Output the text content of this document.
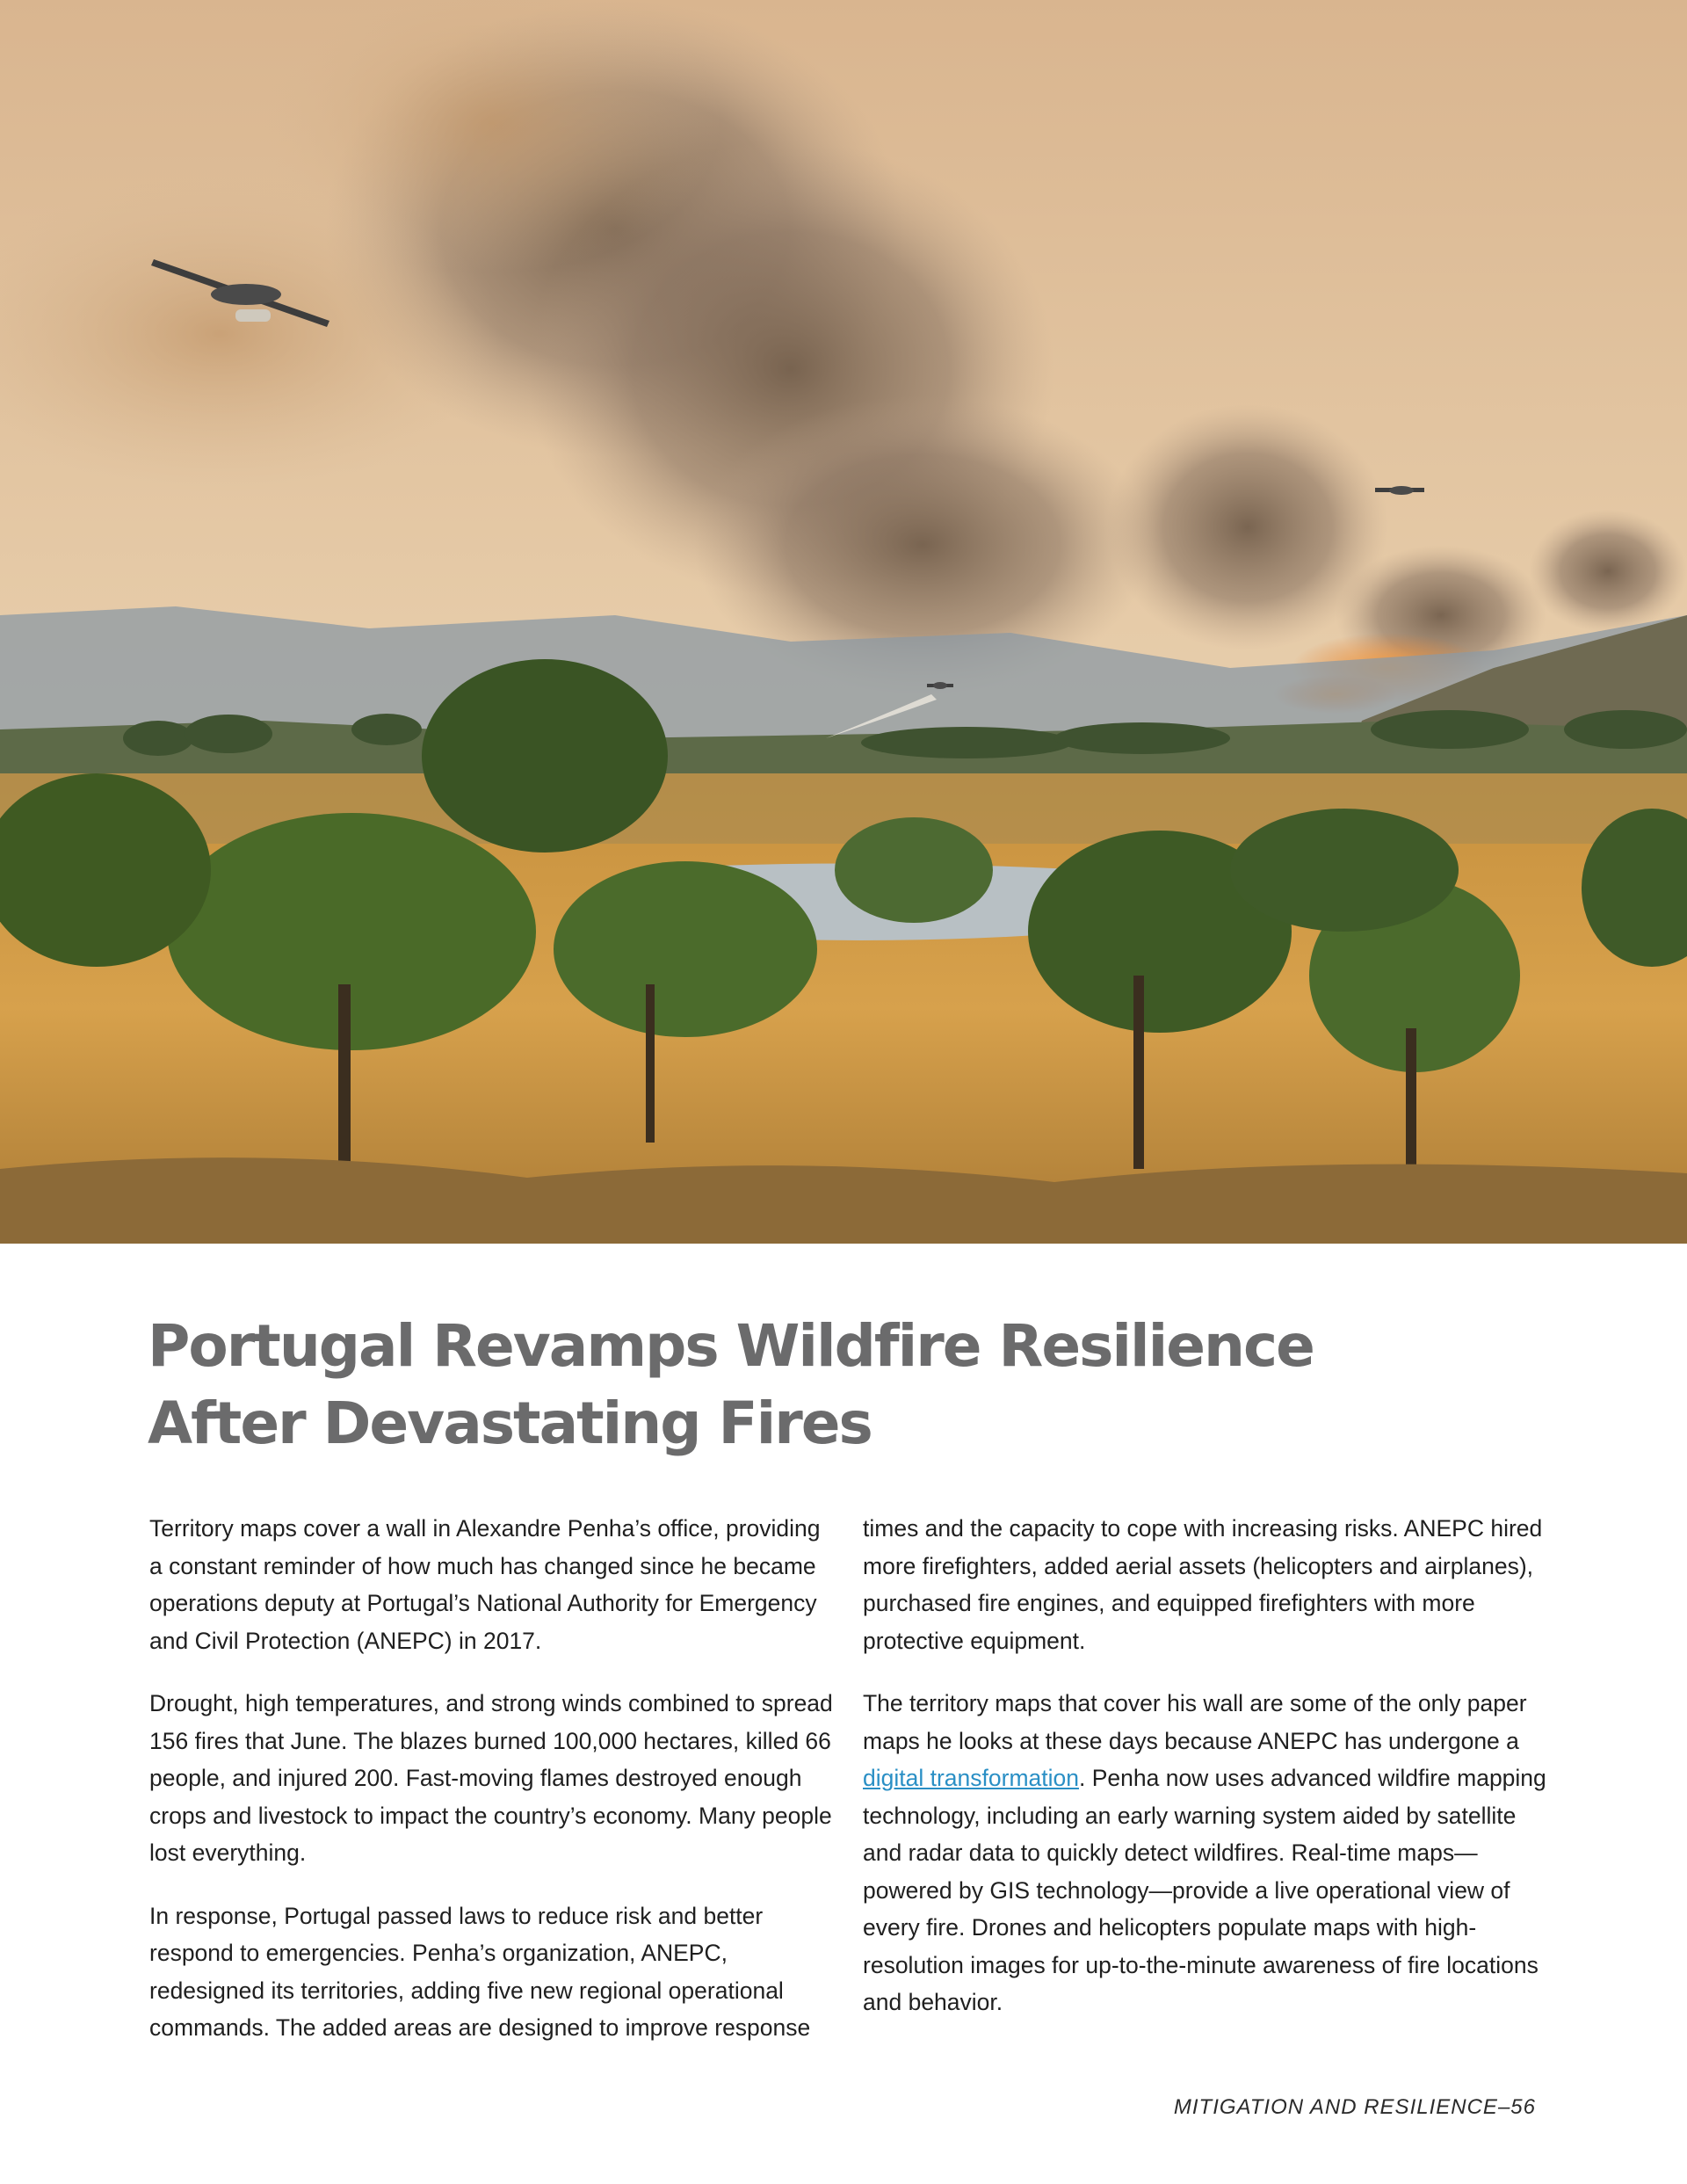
Portugal Revamps Wildfire Resilience
After Devastating Fires

Territory maps cover a wall in Alexandre Penha’s office, providing a constant reminder of how much has changed since he became operations deputy at Portugal’s National Authority for Emergency and Civil Protection (ANEPC) in 2017.

Drought, high temperatures, and strong winds combined to spread 156 fires that June. The blazes burned 100,000 hectares, killed 66 people, and injured 200. Fast-moving flames destroyed enough crops and livestock to impact the country’s economy. Many people lost everything.

In response, Portugal passed laws to reduce risk and better respond to emergencies. Penha’s organization, ANEPC, redesigned its territories, adding five new regional operational commands. The added areas are designed to improve response

times and the capacity to cope with increasing risks. ANEPC hired more firefighters, added aerial assets (helicopters and airplanes), purchased fire engines, and equipped firefighters with more protective equipment.

The territory maps that cover his wall are some of the only paper maps he looks at these days because ANEPC has undergone a digital transformation. Penha now uses advanced wildfire mapping technology, including an early warning system aided by satellite and radar data to quickly detect wildfires. Real-time maps—powered by GIS technology—provide a live operational view of every fire. Drones and helicopters populate maps with high-resolution images for up-to-the-minute awareness of fire locations and behavior.

MITIGATION AND RESILIENCE–56
